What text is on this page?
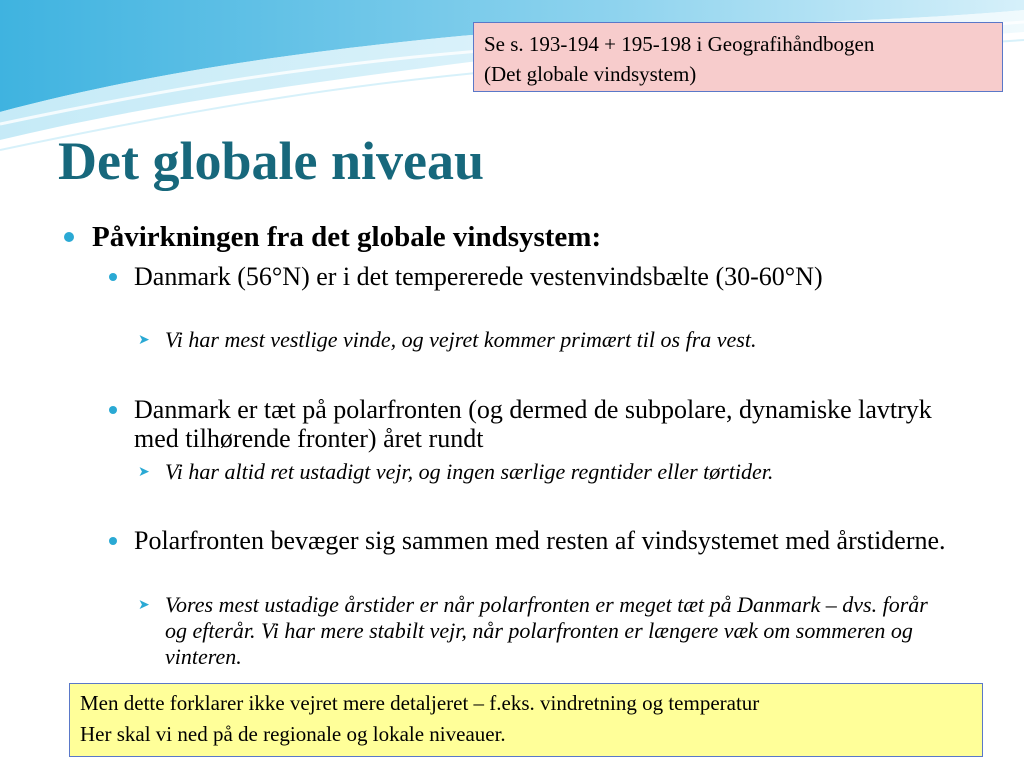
Se s. 193-194 + 195-198 i Geografihåndbogen
(Det globale vindsystem)
Det globale niveau
Påvirkningen fra det globale vindsystem:
Danmark (56°N) er i det tempererede vestenvindsbælte (30-60°N)
➤ Vi har mest vestlige vinde, og vejret kommer primært til os fra vest.
Danmark er tæt på polarfronten (og dermed de subpolare, dynamiske lavtryk med tilhørende fronter) året rundt
➤ Vi har altid ret ustadigt vejr, og ingen særlige regntider eller tørtider.
Polarfronten bevæger sig sammen med resten af vindsystemet med årstiderne.
➤ Vores mest ustadige årstider er når polarfronten er meget tæt på Danmark – dvs. forår og efterår. Vi har mere stabilt vejr, når polarfronten er længere væk om sommeren og vinteren.
Men dette forklarer ikke vejret mere detaljeret – f.eks. vindretning og temperatur
Her skal vi ned på de regionale og lokale niveauer.
